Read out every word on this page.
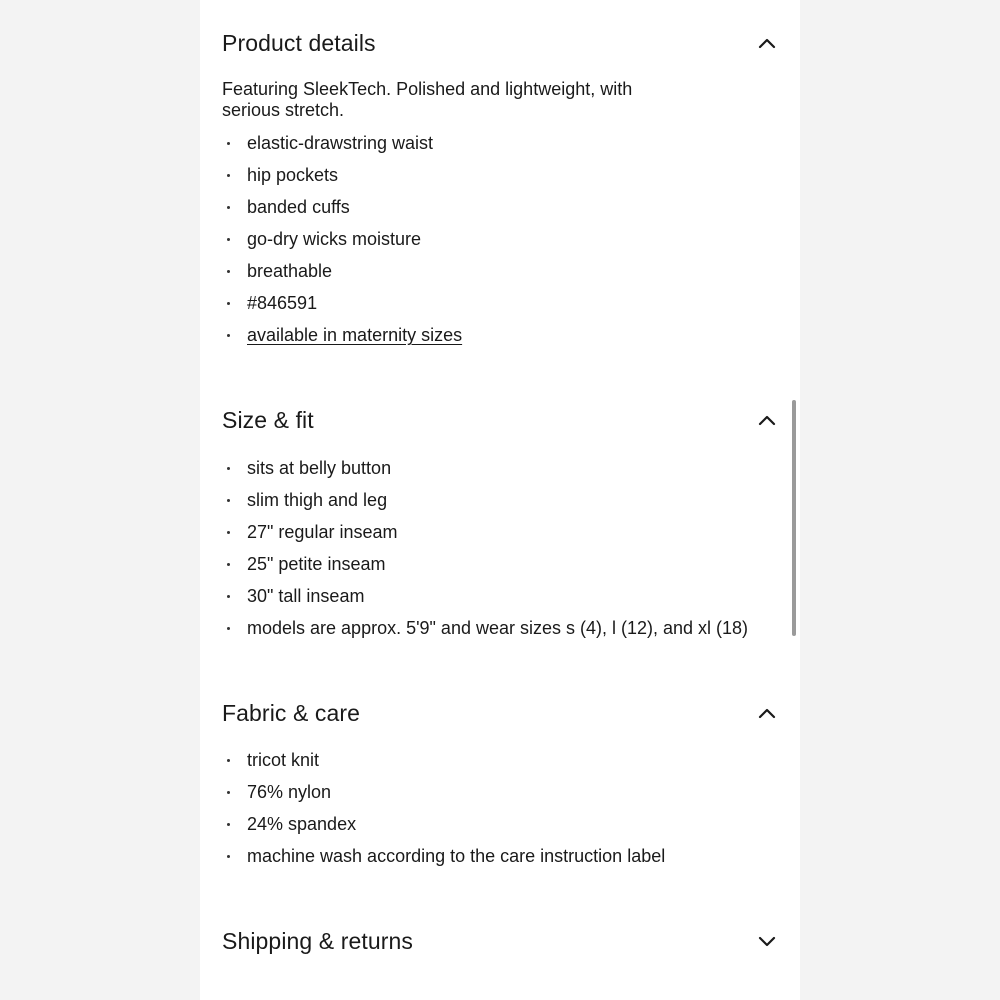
Product details
Featuring SleekTech. Polished and lightweight, with serious stretch.
elastic-drawstring waist
hip pockets
banded cuffs
go-dry wicks moisture
breathable
#846591
available in maternity sizes
Size & fit
sits at belly button
slim thigh and leg
27" regular inseam
25" petite inseam
30" tall inseam
models are approx. 5'9" and wear sizes s (4), l (12), and xl (18)
Fabric & care
tricot knit
76% nylon
24% spandex
machine wash according to the care instruction label
Shipping & returns
